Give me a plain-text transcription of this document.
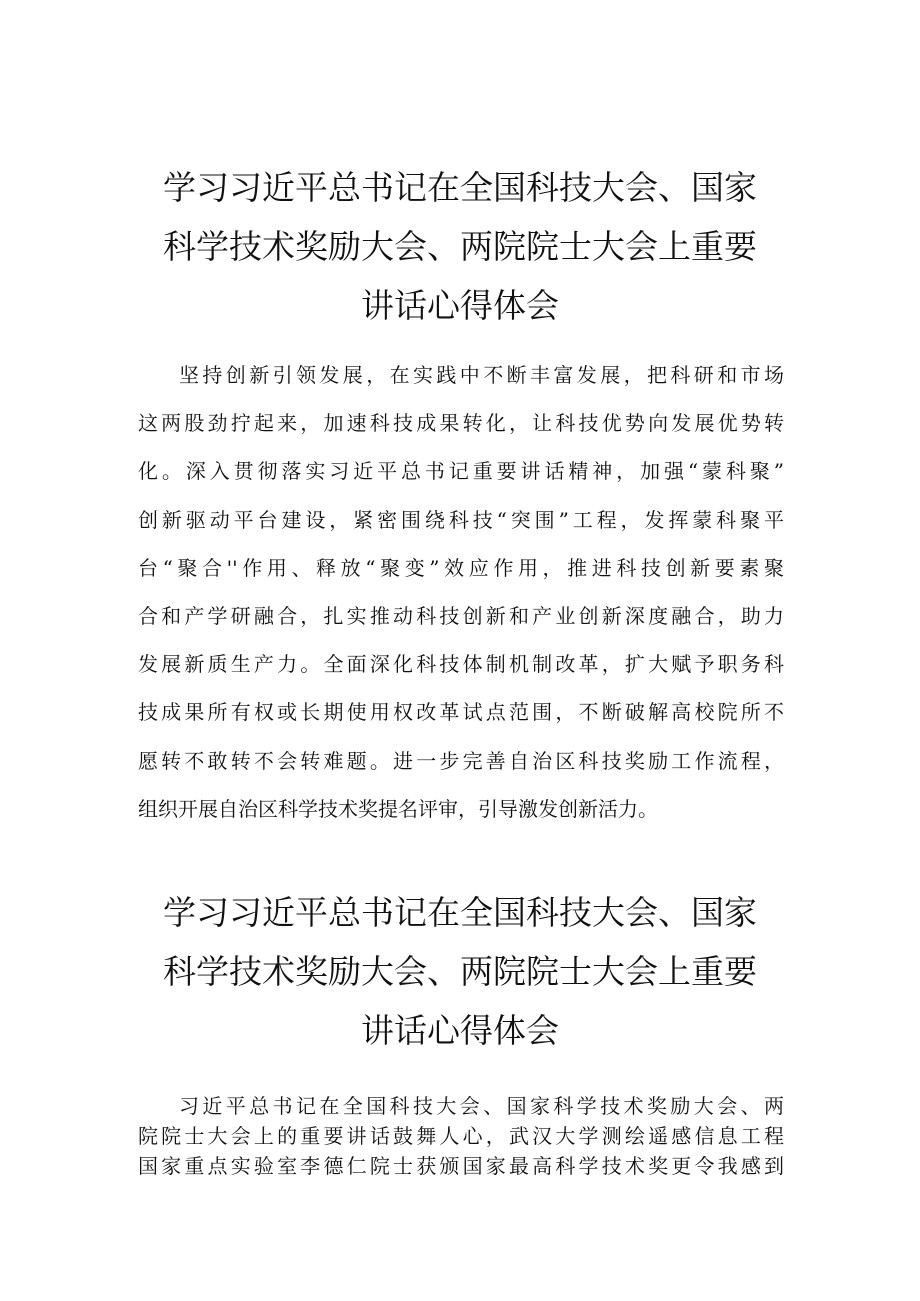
学习习近平总书记在全国科技大会、国家
科学技术奖励大会、两院院士大会上重要
讲话心得体会
坚持创新引领发展，在实践中不断丰富发展，把科研和市场
这两股劲拧起来，加速科技成果转化，让科技优势向发展优势转
化。深入贯彻落实习近平总书记重要讲话精神，加强“蒙科聚”
创新驱动平台建设，紧密围绕科技“突围”工程，发挥蒙科聚平
台“聚合''作用、释放“聚变”效应作用，推进科技创新要素聚
合和产学研融合，扎实推动科技创新和产业创新深度融合，助力
发展新质生产力。全面深化科技体制机制改革，扩大赋予职务科
技成果所有权或长期使用权改革试点范围，不断破解高校院所不
愿转不敢转不会转难题。进一步完善自治区科技奖励工作流程，
组织开展自治区科学技术奖提名评审，引导激发创新活力。
学习习近平总书记在全国科技大会、国家
科学技术奖励大会、两院院士大会上重要
讲话心得体会
习近平总书记在全国科技大会、国家科学技术奖励大会、两
院院士大会上的重要讲话鼓舞人心，武汉大学测绘遥感信息工程
国家重点实验室李德仁院士获颁国家最高科学技术奖更令我感到
